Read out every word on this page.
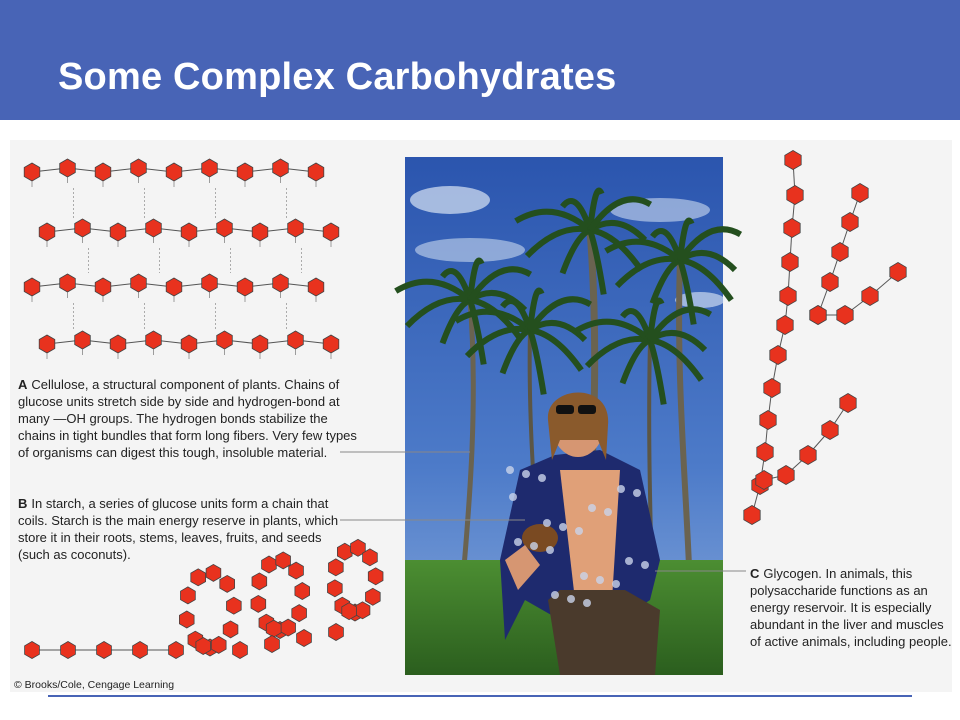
Some Complex Carbohydrates

A Cellulose, a structural component of plants. Chains of glucose units stretch side by side and hydrogen-bond at many —OH groups. The hydrogen bonds stabilize the chains in tight bundles that form long fibers. Very few types of organisms can digest this tough, insoluble material.

B In starch, a series of glucose units form a chain that coils. Starch is the main energy reserve in plants, which store it in their roots, stems, leaves, fruits, and seeds (such as coconuts).

C Glycogen. In animals, this polysaccharide functions as an energy reservoir. It is especially abundant in the liver and muscles of active animals, including people.

© Brooks/Cole, Cengage Learning
